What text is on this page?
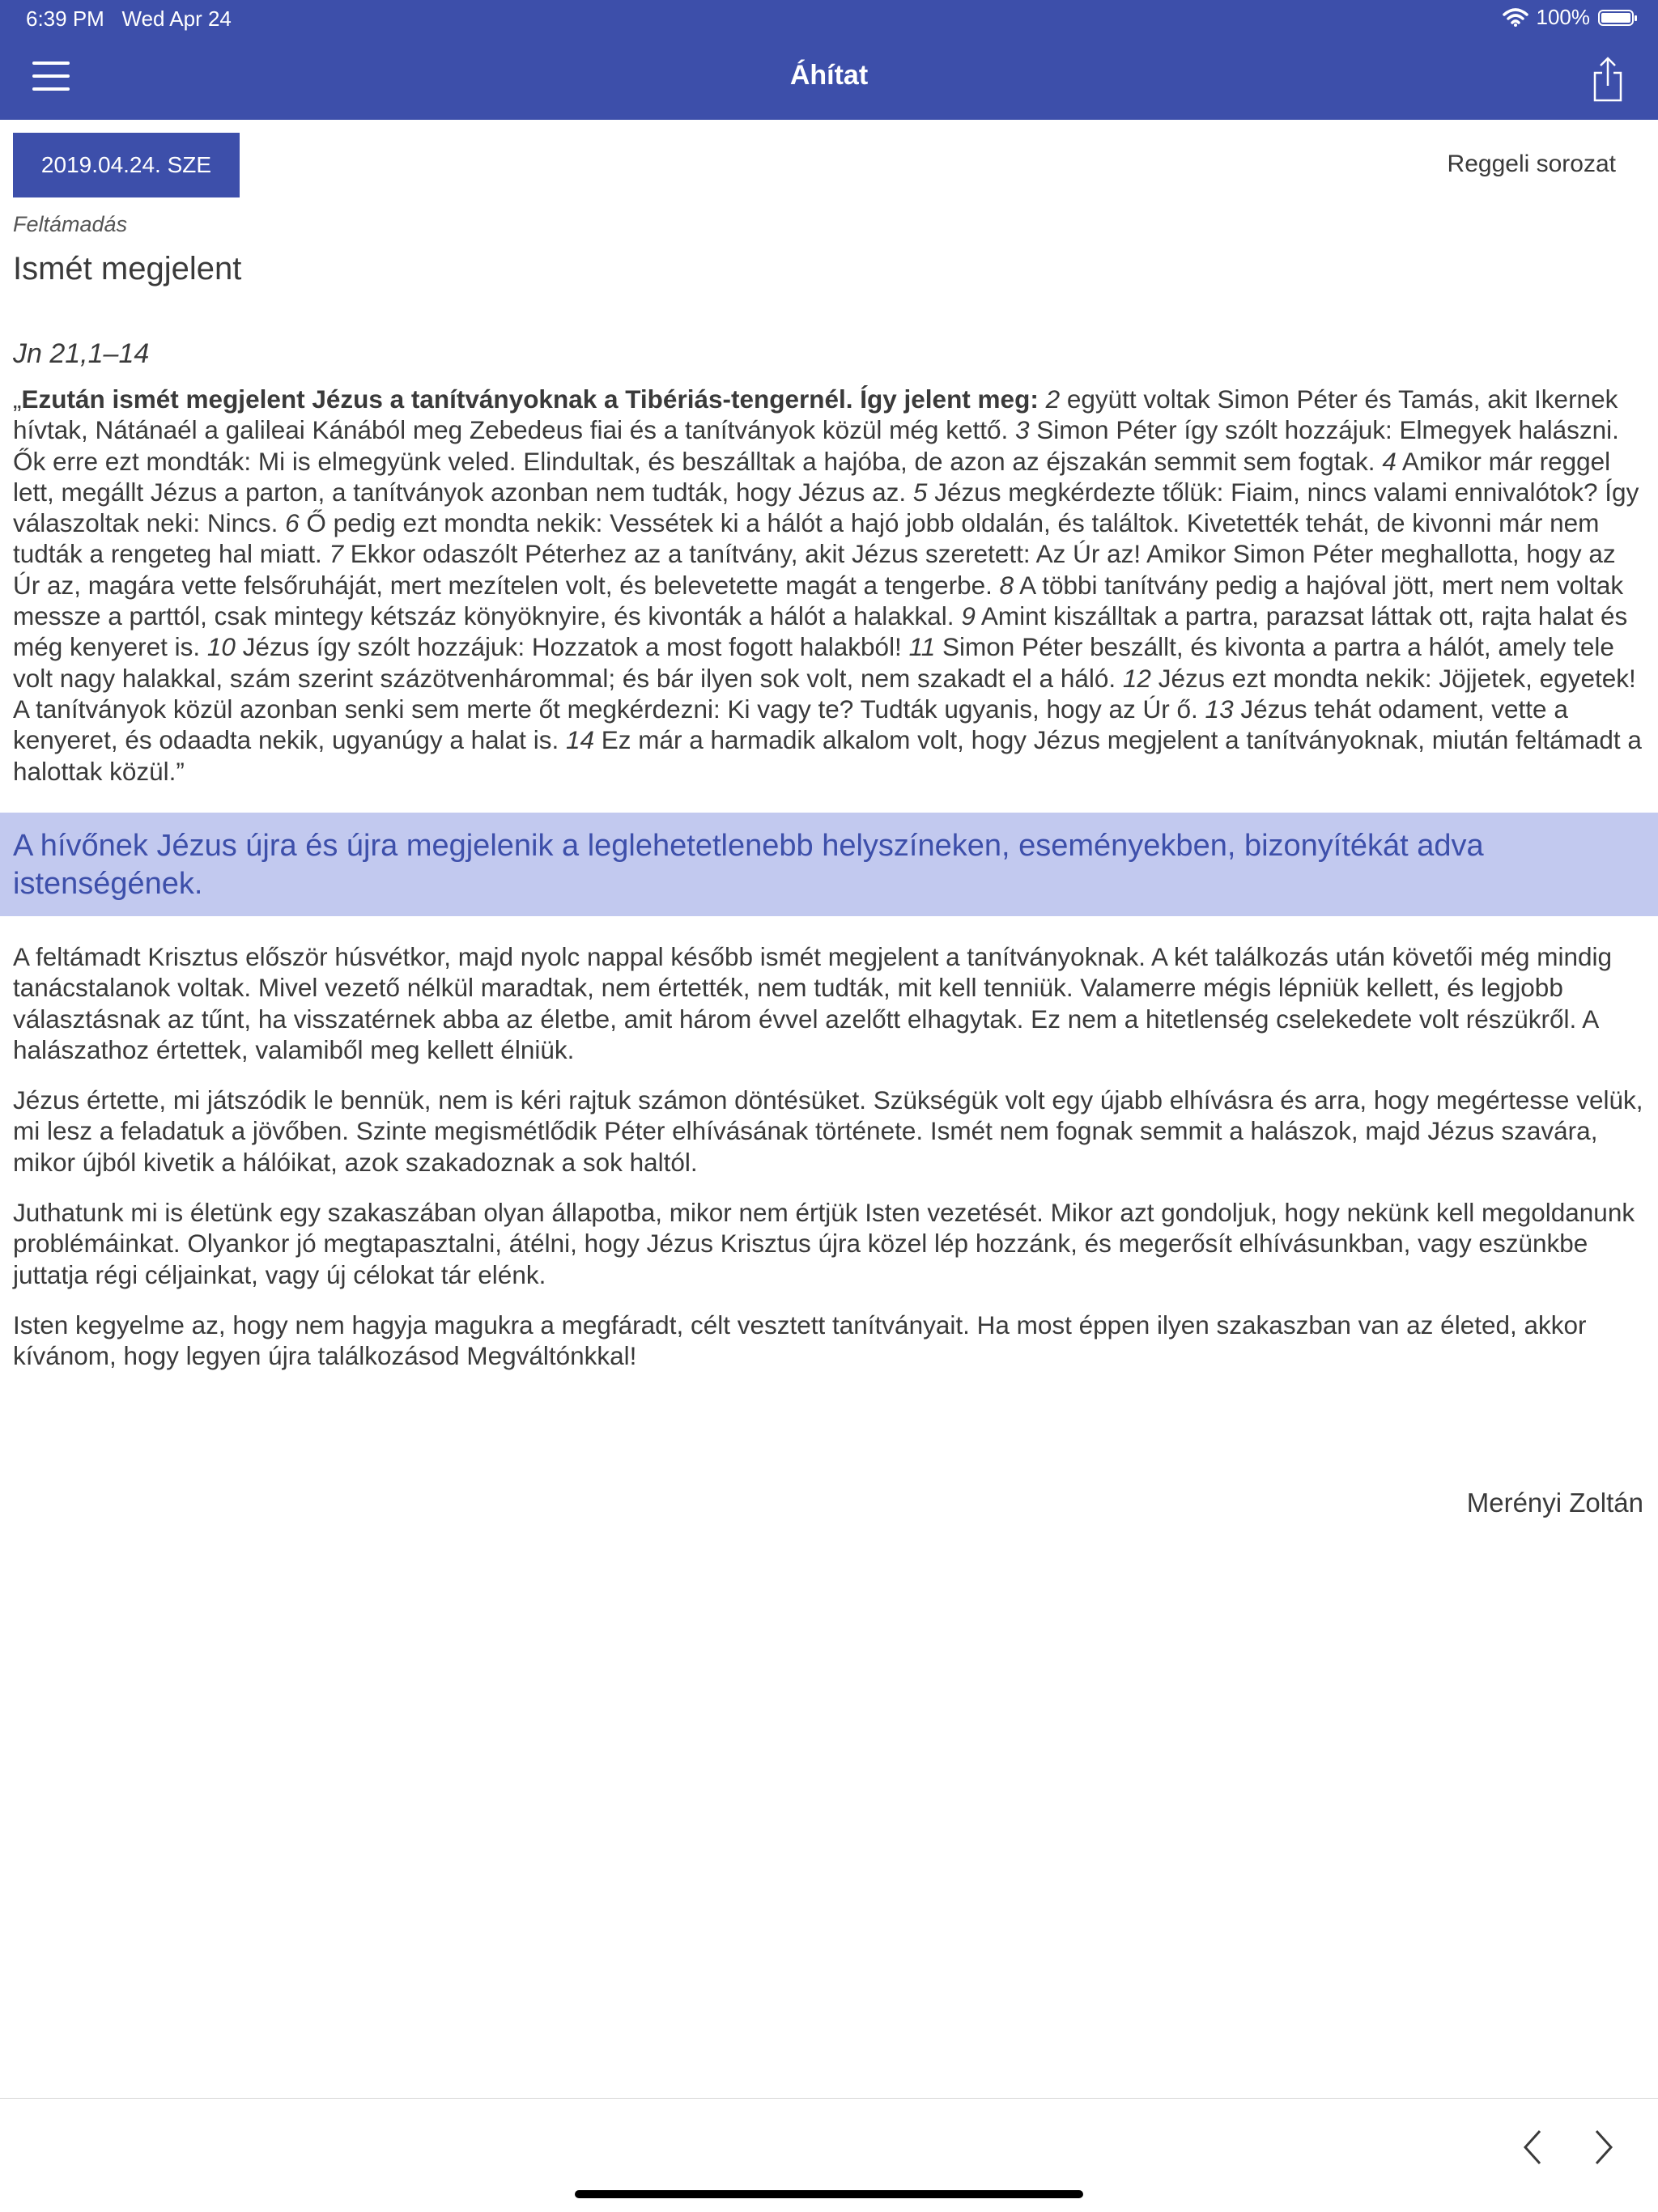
6:39 PM Wed Apr 24	100%
Áhítat
2019.04.24. SZE	Reggeli sorozat
Feltámadás
Ismét megjelent
Jn 21,1–14
„Ezután ismét megjelent Jézus a tanítványoknak a Tibériás-tengernél. Így jelent meg: 2 együtt voltak Simon Péter és Tamás, akit Ikernek hívtak, Nátánaél a galileai Kánából meg Zebedeus fiai és a tanítványok közül még kettő. 3 Simon Péter így szólt hozzájuk: Elmegyek halászni. Ők erre ezt mondták: Mi is elmegyünk veled. Elindultak, és beszálltak a hajóba, de azon az éjszakán semmit sem fogtak. 4 Amikor már reggel lett, megállt Jézus a parton, a tanítványok azonban nem tudták, hogy Jézus az. 5 Jézus megkérdezte tőlük: Fiaim, nincs valami ennivalótok? Így válaszoltak neki: Nincs. 6 Ő pedig ezt mondta nekik: Vessétek ki a hálót a hajó jobb oldalán, és találtok. Kivetették tehát, de kivonni már nem tudták a rengeteg hal miatt. 7 Ekkor odaszólt Péterhez az a tanítvány, akit Jézus szeretett: Az Úr az! Amikor Simon Péter meghallotta, hogy az Úr az, magára vette felsőruháját, mert mezítelen volt, és belevetette magát a tengerbe. 8 A többi tanítvány pedig a hajóval jött, mert nem voltak messze a parttól, csak mintegy kétszáz könyöknyire, és kivonták a hálót a halakkal. 9 Amint kiszálltak a partra, parazsat láttak ott, rajta halat és még kenyeret is. 10 Jézus így szólt hozzájuk: Hozzatok a most fogott halakból! 11 Simon Péter beszállt, és kivonta a partra a hálót, amely tele volt nagy halakkal, szám szerint százötvenhárommal; és bár ilyen sok volt, nem szakadt el a háló. 12 Jézus ezt mondta nekik: Jöjjetek, egyetek! A tanítványok közül azonban senki sem merte őt megkérdezni: Ki vagy te? Tudták ugyanis, hogy az Úr ő. 13 Jézus tehát odament, vette a kenyeret, és odaadta nekik, ugyanúgy a halat is. 14 Ez már a harmadik alkalom volt, hogy Jézus megjelent a tanítványoknak, miután feltámadt a halottak közül.”

A hívőnek Jézus újra és újra megjelenik a leglehetetlenebb helyszíneken, eseményekben, bizonyítékát adva istenségének.

A feltámadt Krisztus először húsvétkor, majd nyolc nappal később ismét megjelent a tanítványoknak. A két találkozás után követői még mindig tanácstalanok voltak. Mivel vezető nélkül maradtak, nem értették, nem tudták, mit kell tenniük. Valamerre mégis lépniük kellett, és legjobb választásnak az tűnt, ha visszatérnek abba az életbe, amit három évvel azelőtt elhagytak. Ez nem a hitetlenség cselekedete volt részükről. A halászathoz értettek, valamiből meg kellett élniük.

Jézus értette, mi játszódik le bennük, nem is kéri rajtuk számon döntésüket. Szükségük volt egy újabb elhívásra és arra, hogy megértesse velük, mi lesz a feladatuk a jövőben. Szinte megismétlődik Péter elhívásának története. Ismét nem fognak semmit a halászok, majd Jézus szavára, mikor újból kivetik a hálóikat, azok szakadoznak a sok haltól.

Juthatunk mi is életünk egy szakaszában olyan állapotba, mikor nem értjük Isten vezetését. Mikor azt gondoljuk, hogy nekünk kell megoldanunk problémáinkat. Olyankor jó megtapasztalni, átélni, hogy Jézus Krisztus újra közel lép hozzánk, és megerősít elhívásunkban, vagy eszünkbe juttatja régi céljainkat, vagy új célokat tár elénk.

Isten kegyelme az, hogy nem hagyja magukra a megfáradt, célt vesztett tanítványait. Ha most éppen ilyen szakaszban van az életed, akkor kívánom, hogy legyen újra találkozásod Megváltónkkal!

Merényi Zoltán
